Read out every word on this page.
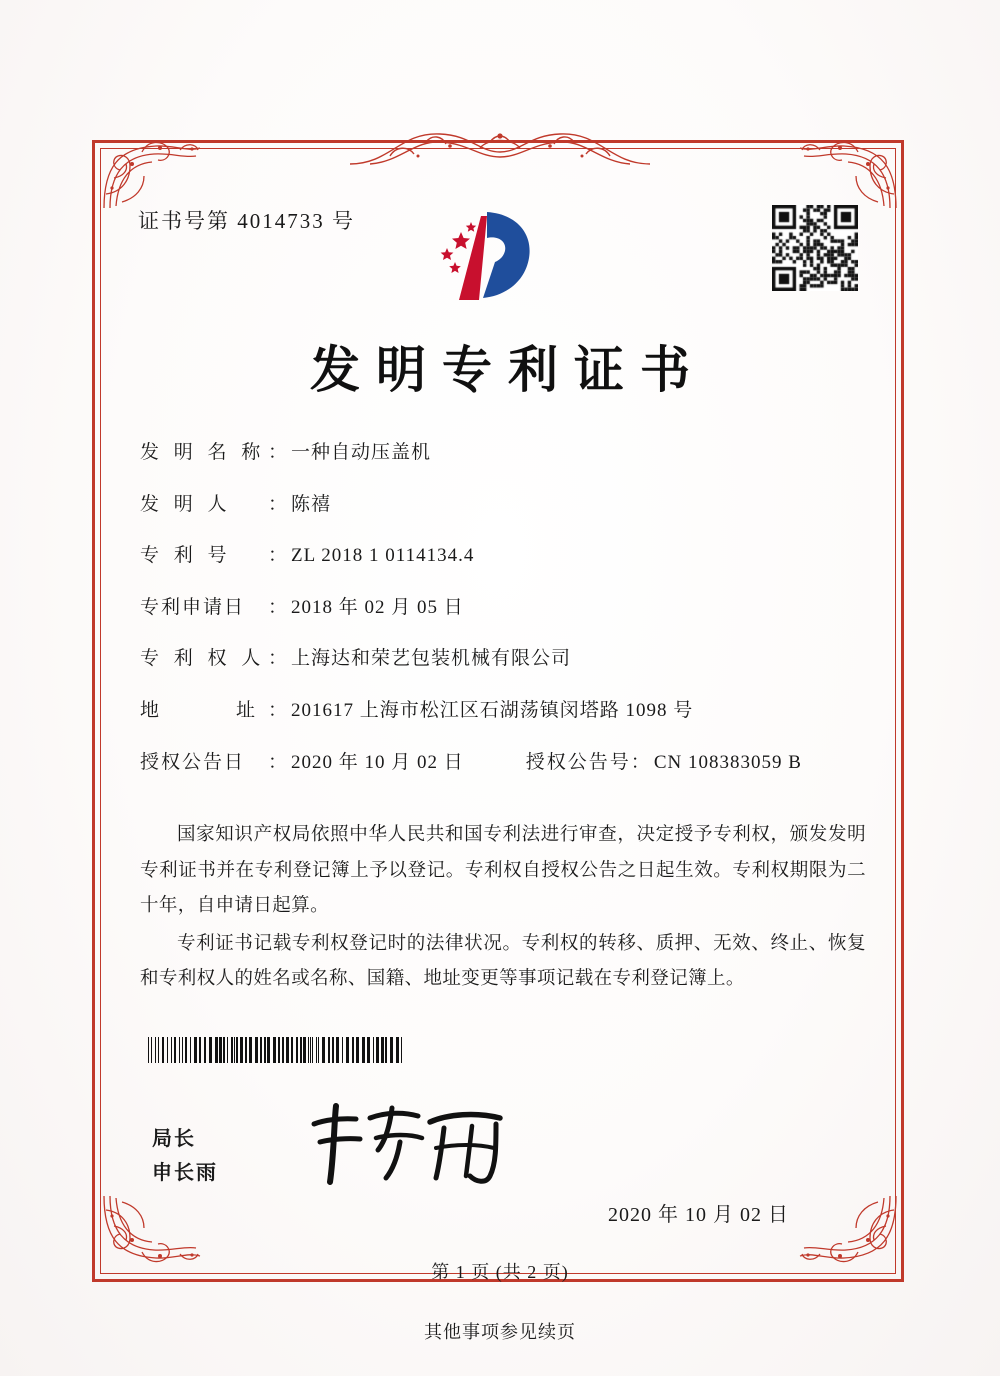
证书号第 4014733 号
发明专利证书
发 明 名 称 ： 一种自动压盖机
发 明 人	： 陈禧
专 利 号	： ZL 2018 1 0114134.4
专利申请日	： 2018 年 02 月 05 日
专 利 权 人 ： 上海达和荣艺包装机械有限公司
地　　　址 ： 201617 上海市松江区石湖荡镇闵塔路 1098 号
授权公告日	： 2020 年 10 月 02 日	授权公告号 ： CN 108383059 B

国家知识产权局依照中华人民共和国专利法进行审查，决定授予专利权，颁发发明专利证书并在专利登记簿上予以登记。专利权自授权公告之日起生效。专利权期限为二十年，自申请日起算。

专利证书记载专利权登记时的法律状况。专利权的转移、质押、无效、终止、恢复和专利权人的姓名或名称、国籍、地址变更等事项记载在专利登记簿上。

局长
申长雨
2020 年 10 月 02 日
第 1 页 (共 2 页)
其他事项参见续页
